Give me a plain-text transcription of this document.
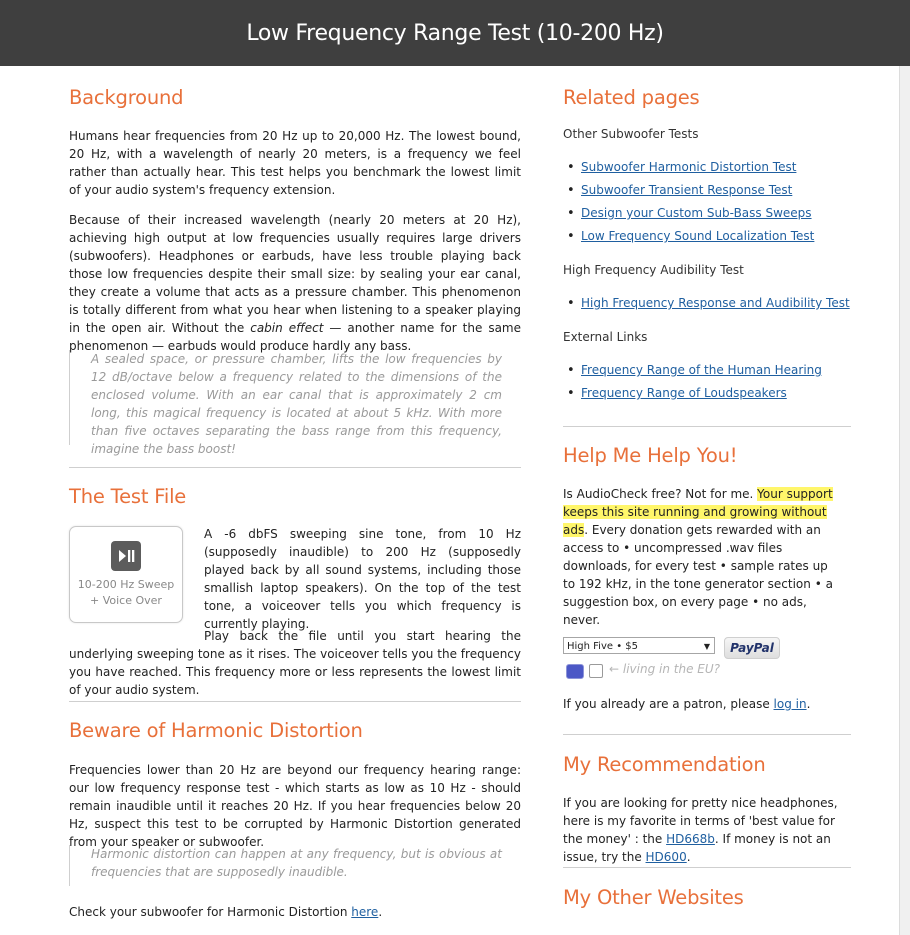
Low Frequency Range Test (10-200 Hz)
Background

Humans hear frequencies from 20 Hz up to 20,000 Hz. The lowest bound, 20 Hz, with a wavelength of nearly 20 meters, is a frequency we feel rather than actually hear. This test helps you benchmark the lowest limit of your audio system's frequency extension.

Because of their increased wavelength (nearly 20 meters at 20 Hz), achieving high output at low frequencies usually requires large drivers (subwoofers). Headphones or earbuds, have less trouble playing back those low frequencies despite their small size: by sealing your ear canal, they create a volume that acts as a pressure chamber. This phenomenon is totally different from what you hear when listening to a speaker playing in the open air. Without the cabin effect — another name for the same phenomenon — earbuds would produce hardly any bass.

A sealed space, or pressure chamber, lifts the low frequencies by 12 dB/octave below a frequency related to the dimensions of the enclosed volume. With an ear canal that is approximately 2 cm long, this magical frequency is located at about 5 kHz. With more than five octaves separating the bass range from this frequency, imagine the bass boost!
The Test File
10-200 Hz Sweep
+ Voice Over

A -6 dbFS sweeping sine tone, from 10 Hz (supposedly inaudible) to 200 Hz (supposedly played back by all sound systems, including those smallish laptop speakers). On the top of the test tone, a voiceover tells you which frequency is currently playing.

Play back the file until you start hearing the underlying sweeping tone as it rises. The voiceover tells you the frequency you have reached. This frequency more or less represents the lowest limit of your audio system.

Beware of Harmonic Distortion

Frequencies lower than 20 Hz are beyond our frequency hearing range: our low frequency response test - which starts as low as 10 Hz - should remain inaudible until it reaches 20 Hz. If you hear frequencies below 20 Hz, suspect this test to be corrupted by Harmonic Distortion generated from your speaker or subwoofer.

Harmonic distortion can happen at any frequency, but is obvious at frequencies that are supposedly inaudible.

Check your subwoofer for Harmonic Distortion here.

Related pages
Other Subwoofer Tests
• Subwoofer Harmonic Distortion Test
• Subwoofer Transient Response Test
• Design your Custom Sub-Bass Sweeps
• Low Frequency Sound Localization Test
High Frequency Audibility Test
• High Frequency Response and Audibility Test
External Links
• Frequency Range of the Human Hearing
• Frequency Range of Loudspeakers
Help Me Help You!

Is AudioCheck free? Not for me. Your support keeps this site running and growing without ads. Every donation gets rewarded with an access to • uncompressed .wav files downloads, for every test • sample rates up to 192 kHz, in the tone generator section • a suggestion box, on every page • no ads, never.

High Five • $5	▼	PayPal
← living in the EU?

If you already are a patron, please log in.

My Recommendation

If you are looking for pretty nice headphones, here is my favorite in terms of 'best value for the money' : the HD668b. If money is not an issue, try the HD600.

My Other Websites
